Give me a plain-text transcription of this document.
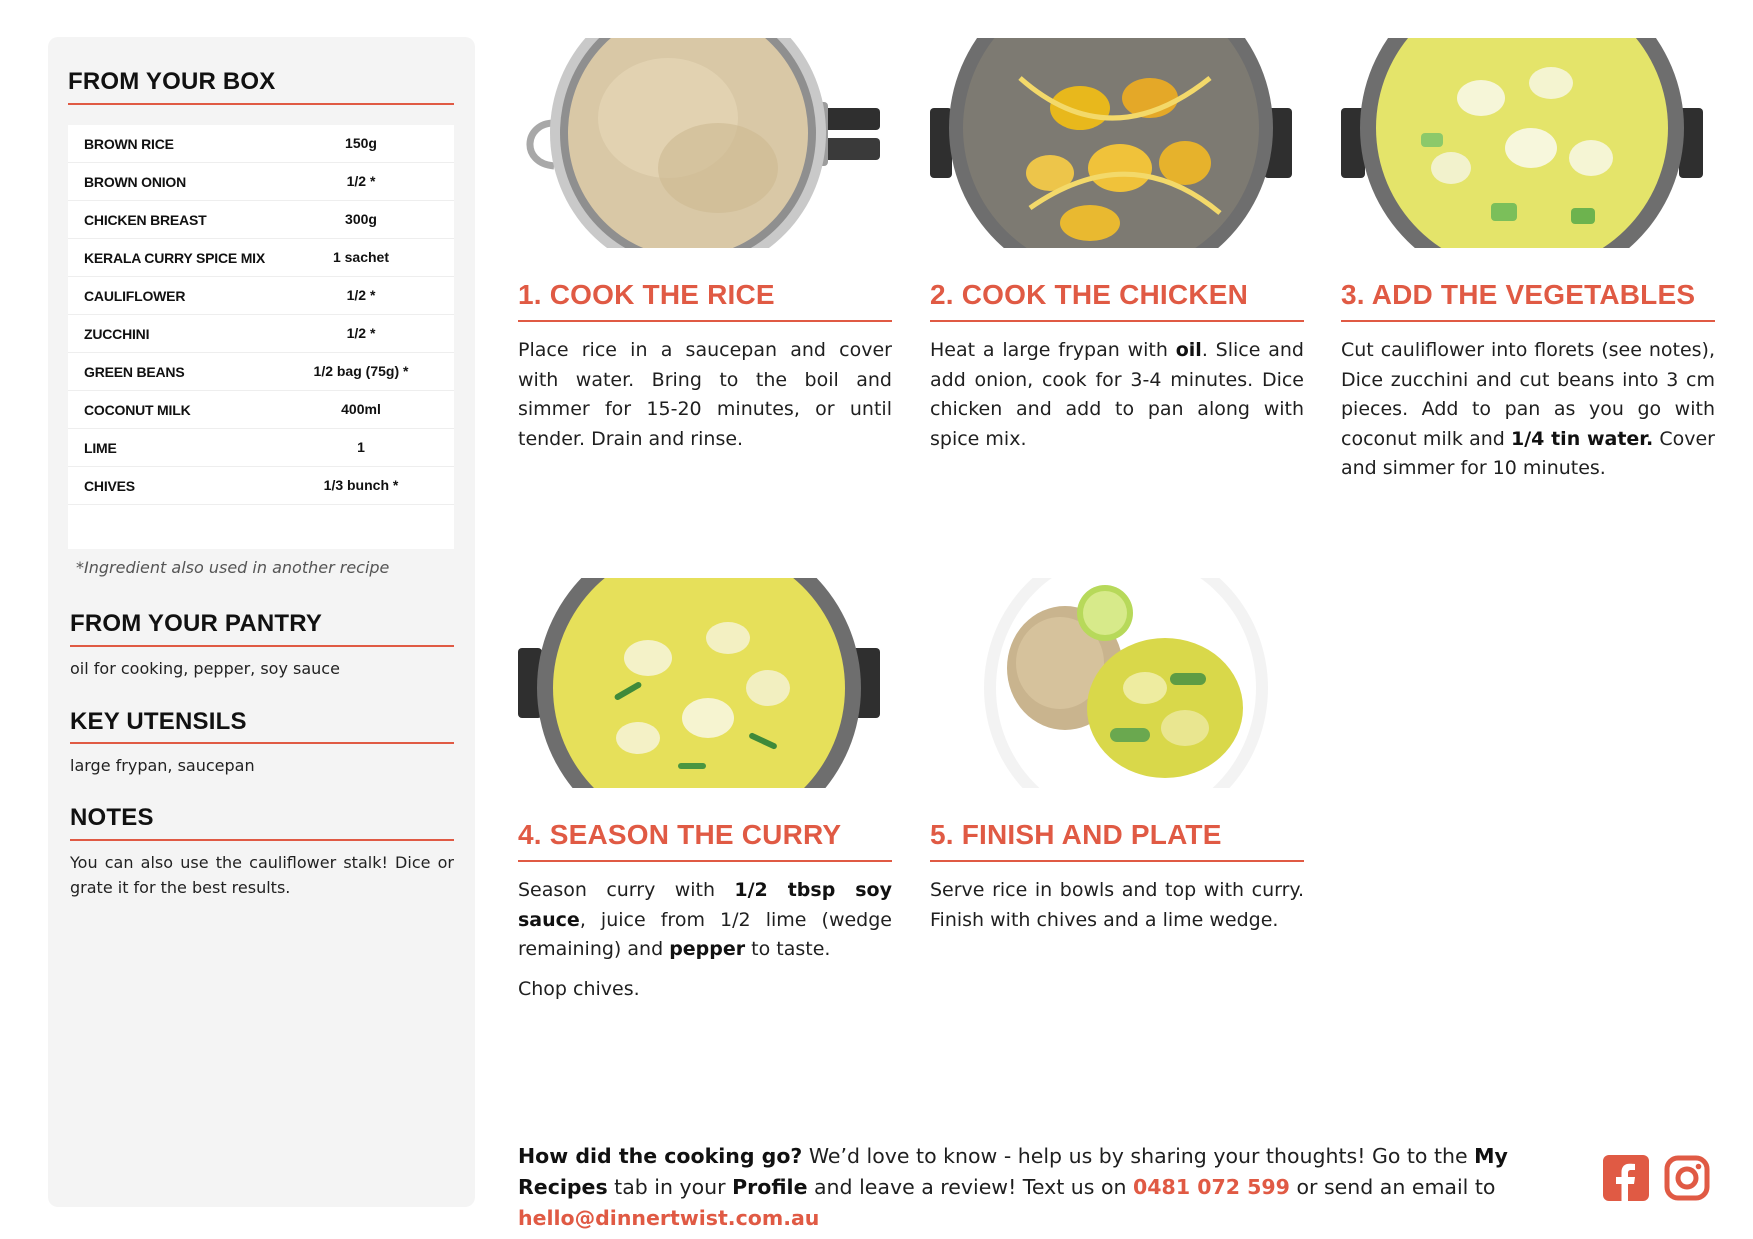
FROM YOUR BOX
BROWN RICE	150g
BROWN ONION	1/2 *
CHICKEN BREAST	300g
KERALA CURRY SPICE MIX	1 sachet
CAULIFLOWER	1/2 *
ZUCCHINI	1/2 *
GREEN BEANS	1/2 bag (75g) *
COCONUT MILK	400ml
LIME	1
CHIVES	1/3 bunch *
*Ingredient also used in another recipe
FROM YOUR PANTRY
oil for cooking, pepper, soy sauce
KEY UTENSILS
large frypan, saucepan
NOTES
You can also use the cauliflower stalk! Dice or grate it for the best results.
1. COOK THE RICE
Place rice in a saucepan and cover with water. Bring to the boil and simmer for 15-20 minutes, or until tender. Drain and rinse.
2. COOK THE CHICKEN
Heat a large frypan with oil. Slice and add onion, cook for 3-4 minutes. Dice chicken and add to pan along with spice mix.
3. ADD THE VEGETABLES
Cut cauliflower into florets (see notes), Dice zucchini and cut beans into 3 cm pieces. Add to pan as you go with coconut milk and 1/4 tin water. Cover and simmer for 10 minutes.
4. SEASON THE CURRY
Season curry with 1/2 tbsp soy sauce, juice from 1/2 lime (wedge remaining) and pepper to taste.
Chop chives.
5. FINISH AND PLATE
Serve rice in bowls and top with curry. Finish with chives and a lime wedge.
How did the cooking go? We’d love to know - help us by sharing your thoughts! Go to the My Recipes tab in your Profile and leave a review! Text us on 0481 072 599 or send an email to hello@dinnertwist.com.au
